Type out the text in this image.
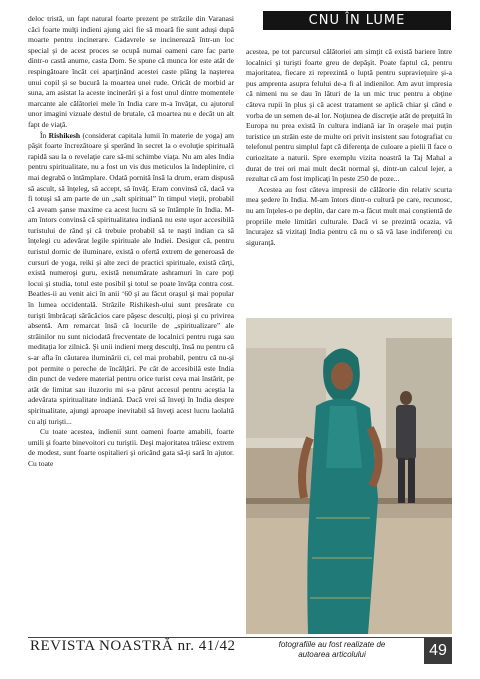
deloc tristă, un fapt natural foarte prezent pe străzile din Varanasi căci foarte mulţi indieni ajung aici fie să moară fie sunt aduşi după moarte pentru incinerare. Cadavrele se incinerează într-un loc special şi de acest proces se ocupă numai oameni care fac parte dintr-o castă anume, casta Dom. Se spune că munca lor este atât de respingătoare încât cei aparţinând acestei caste plâng la naşterea unui copil şi se bucură la moartea unei rude. Oricât de morbid ar suna, am asistat la aceste incinerări şi a fost unul dintre momentele marcante ale călătoriei mele în India care m-a învăţat, cu ajutorul unor imagini vizuale destul de brutale, că moartea nu e decât un alt fapt de viaţă.

În Rishikesh (considerat capitala lumii în materie de yoga) am păşit foarte încrezătoare şi sperând în secret la o evoluţie spirituală rapidă sau la o revelaţie care să-mi schimbe viaţa. Nu am ales India pentru spiritualitate, nu a fost un vis dus meticulos la îndeplinire, ci mai degrabă o întâmplare. Odată pornită însă la drum, eram dispusă să ascult, să înţeleg, să accept, să învăţ. Eram convinsă că, dacă va fi totuşi să am parte de un „salt spiritual” în timpul vieţii, probabil că aveam şanse maxime ca acest lucru să se întâmple în India. M-am întors convinsă că spiritualitatea indiană nu este uşor accesibilă turistului de rând şi că trebuie probabil să te naşti indian ca să înţelegi cu adevărat legile spirituale ale Indiei. Desigur că, pentru turistul dornic de iluminare, există o ofertă extrem de generoasă de cursuri de yoga, reiki şi alte zeci de practici spirituale, există cărţi, există numeroşi guru, există nenumărate ashramuri în care poţi locui şi studia, totul este posibil şi totul se poate învăţa contra cost. Beatles-ii au venit aici în anii ‘60 şi au făcut oraşul şi mai popular în lumea occidentală. Străzile Rishikesh-ului sunt presărate cu turişti îmbrăcaţi sărăcăcios care păşesc desculţi, pioşi şi cu privirea absentă. Am remarcat însă că locurile de „spiritualizare” ale străinilor nu sunt niciodată frecventate de localnici pentru ruga sau meditaţia lor zilnică. Şi unii indieni merg desculţi, însă nu pentru că s-ar afla în căutarea iluminării ci, cel mai probabil, pentru că nu-şi pot permite o pereche de încălţări. Pe cât de accesibilă este India din punct de vedere material pentru orice turist ceva mai înstărit, pe atât de limitat sau iluzoriu mi s-a părut accesul pentru aceştia la adevărata spiritualitate indiană. Dacă vrei să înveţi în India despre spiritualitate, ajungi aproape inevitabil să înveţi acest lucru laolaltă cu alţi turişti...

Cu toate acestea, indienii sunt oameni foarte amabili, foarte umili şi foarte binevoitori cu turiştii. Deşi majoritatea trăiesc extrem de modest, sunt foarte ospitalieri şi oricând gata să-ţi sară în ajutor. Cu toate

CNU ÎN LUME

acestea, pe tot parcursul călătoriei am simţit că există bariere între localnici şi turişti foarte greu de depăşit. Poate faptul că, pentru majoritatea, fiecare zi reprezintă o luptă pentru supravieţuire şi-a pus amprenta asupra felului de-a fi al indienilor. Am avut impresia că nimeni nu se dau în lături de la un mic truc pentru a obţine câteva rupii în plus şi că acest tratament se aplică chiar şi când e vorba de un semen de-al lor. Noţiunea de discreţie atât de preţuită în Europa nu prea există în cultura indiană iar în oraşele mai puţin turistice un străin este de multe ori privit insistent sau fotografiat cu telefonul pentru simplul fapt că diferenţa de culoare a pielii îl face o curiozitate a naturii. Spre exemplu vizita noastră la Taj Mahal a durat de trei ori mai mult decât normal şi, dintr-un calcul lejer, a rezultat că am fost implicaţi în peste 250 de poze...

Acestea au fost câteva impresii de călătorie din relativ scurta mea şedere în India. M-am întors dintr-o cultură pe care, recunosc, nu am înţeles-o pe deplin, dar care m-a făcut mult mai conştientă de propriile mele limitări culturale. Dacă vi se prezintă ocazia, vă încurajez să vizitaţi India pentru că nu o să vă lase indiferenţi cu siguranţă.

REVISTA NOASTRĂ nr. 41/42	fotografiile au fost realizate de autoarea articolului	49
